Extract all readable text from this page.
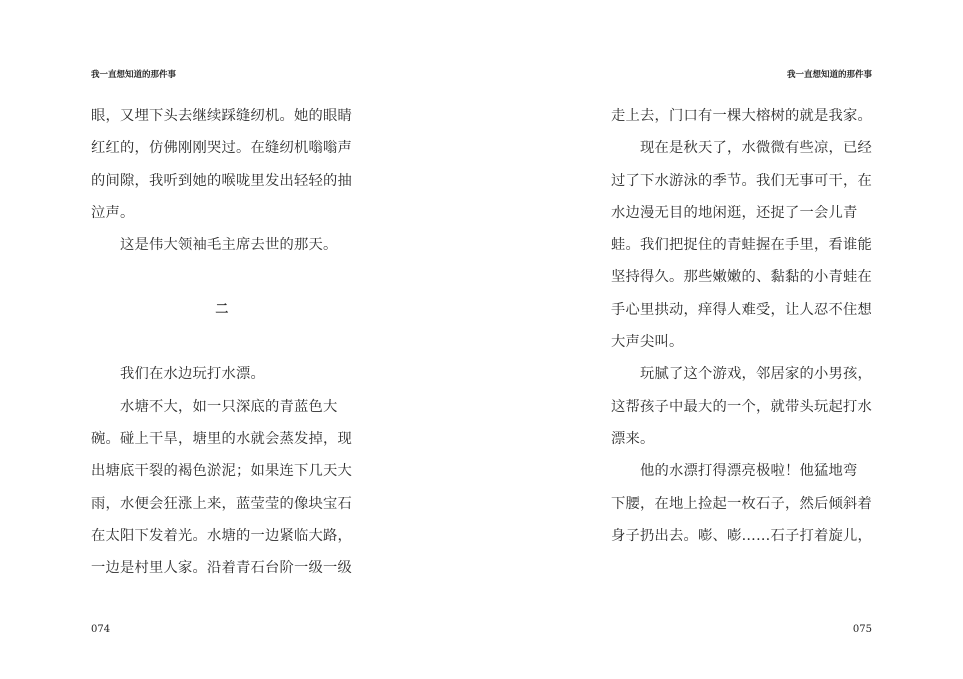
我一直想知道的那件事
眼，又埋下头去继续踩缝纫机。她的眼睛
红红的，仿佛刚刚哭过。在缝纫机嗡嗡声
的间隙，我听到她的喉咙里发出轻轻的抽
泣声。
这是伟大领袖毛主席去世的那天。
二
我们在水边玩打水漂。
水塘不大，如一只深底的青蓝色大
碗。碰上干旱，塘里的水就会蒸发掉，现
出塘底干裂的褐色淤泥；如果连下几天大
雨，水便会狂涨上来，蓝莹莹的像块宝石
在太阳下发着光。水塘的一边紧临大路，
一边是村里人家。沿着青石台阶一级一级
074
我一直想知道的那件事
走上去，门口有一棵大榕树的就是我家。
现在是秋天了，水微微有些凉，已经
过了下水游泳的季节。我们无事可干，在
水边漫无目的地闲逛，还捉了一会儿青
蛙。我们把捉住的青蛙握在手里，看谁能
坚持得久。那些嫩嫩的、黏黏的小青蛙在
手心里拱动，痒得人难受，让人忍不住想
大声尖叫。
玩腻了这个游戏，邻居家的小男孩，
这帮孩子中最大的一个，就带头玩起打水
漂来。
他的水漂打得漂亮极啦！他猛地弯
下腰，在地上捡起一枚石子，然后倾斜着
身子扔出去。嘭、嘭……石子打着旋儿，
075
